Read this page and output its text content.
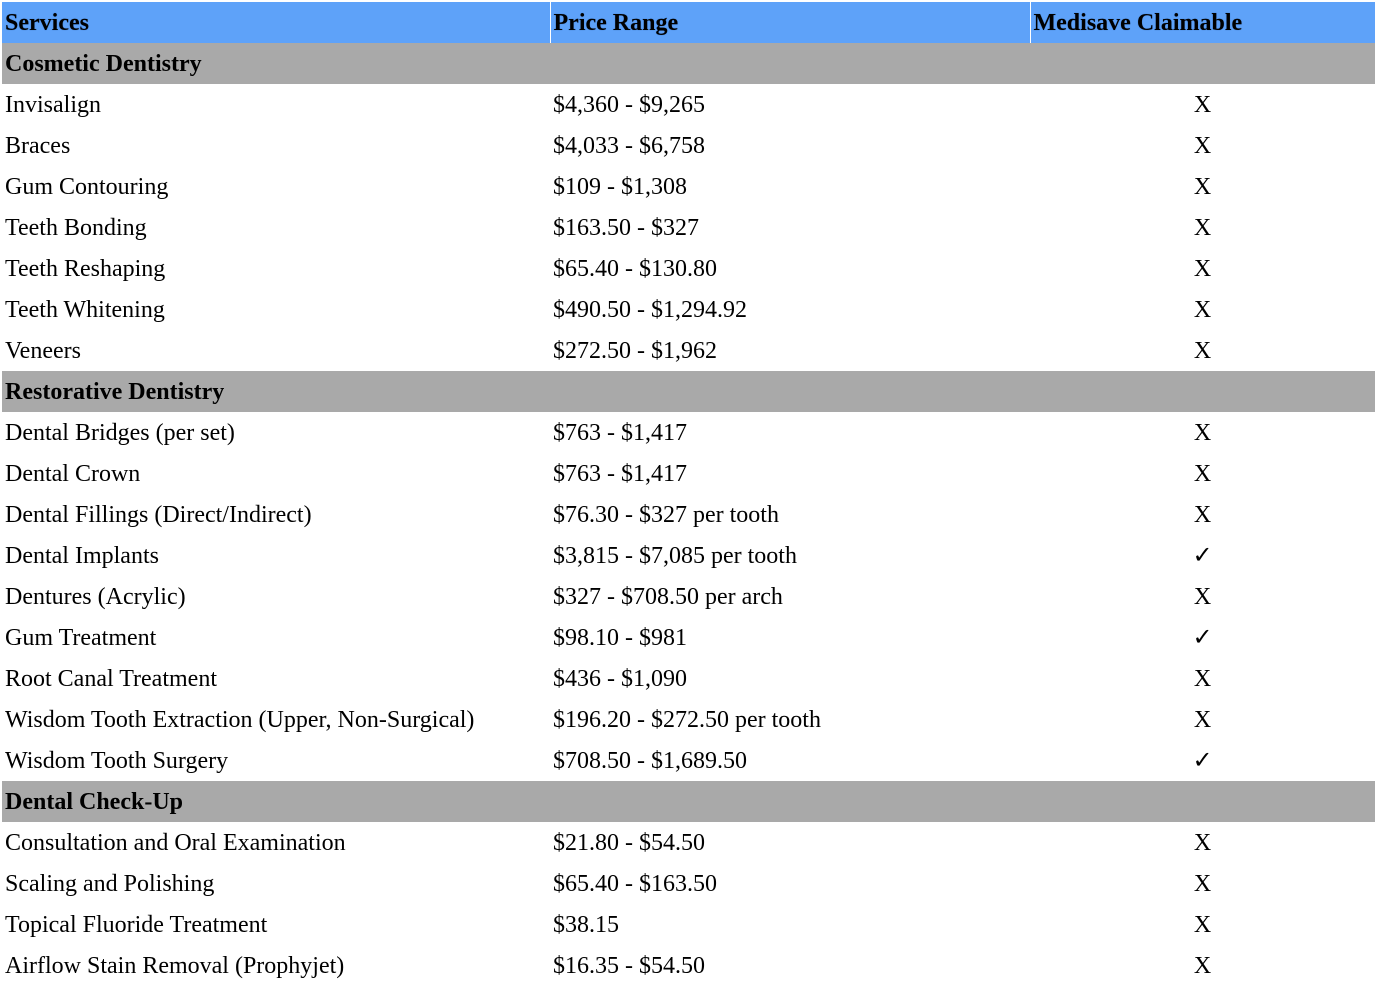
Services	Price Range	Medisave Claimable
Cosmetic Dentistry		
Invisalign	$4,360 - $9,265	X
Braces	$4,033 - $6,758	X
Gum Contouring	$109 - $1,308	X
Teeth Bonding	$163.50 - $327	X
Teeth Reshaping	$65.40 - $130.80	X
Teeth Whitening	$490.50 - $1,294.92	X
Veneers	$272.50 - $1,962	X
Restorative Dentistry		
Dental Bridges (per set)	$763 - $1,417	X
Dental Crown	$763 - $1,417	X
Dental Fillings (Direct/Indirect)	$76.30 - $327 per tooth	X
Dental Implants	$3,815 - $7,085 per tooth	✓
Dentures (Acrylic)	$327 - $708.50 per arch	X
Gum Treatment	$98.10 - $981	✓
Root Canal Treatment	$436 - $1,090	X
Wisdom Tooth Extraction (Upper, Non-Surgical)	$196.20 - $272.50 per tooth	X
Wisdom Tooth Surgery	$708.50 - $1,689.50	✓
Dental Check-Up		
Consultation and Oral Examination	$21.80 - $54.50	X
Scaling and Polishing	$65.40 - $163.50	X
Topical Fluoride Treatment	$38.15	X
Airflow Stain Removal (Prophyjet)	$16.35 - $54.50	X
